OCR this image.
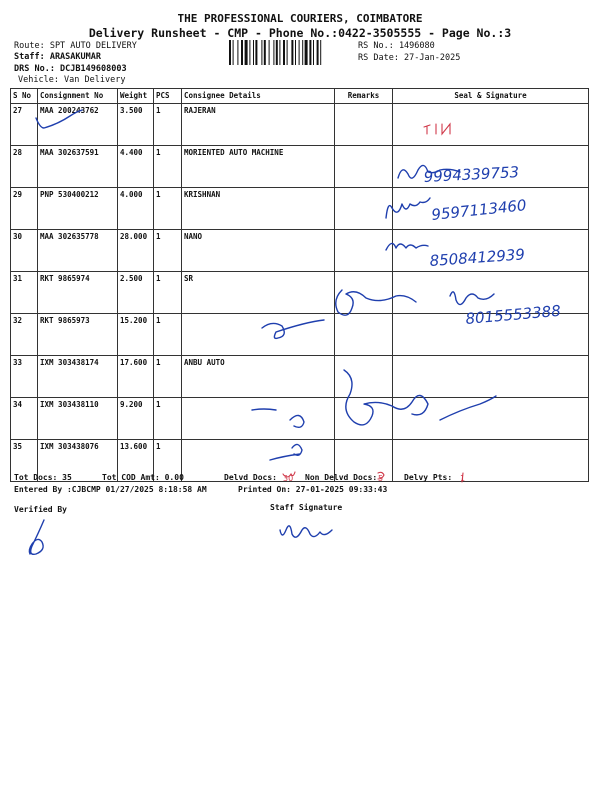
THE PROFESSIONAL COURIERS, COIMBATORE
Delivery Runsheet - CMP - Phone No.:0422-3505555 - Page No.:3
Route: SPT AUTO DELIVERY
Staff: ARASAKUMAR
DRS No.: DCJB149608003
Vehicle: Van Delivery
RS No.: 1496080
RS Date: 27-Jan-2025
S No	Consignment No	Weight	PCS	Consignee Details	Remarks	Seal & Signature
27	MAA 200243762	3.500	1	RAJERAN		
28	MAA 302637591	4.400	1	MORIENTED AUTO MACHINE		
29	PNP 530400212	4.000	1	KRISHNAN		
30	MAA 302635778	28.000	1	NANO		
31	RKT 9865974	2.500	1	SR		
32	RKT 9865973	15.200	1			
33	IXM 303438174	17.600	1	ANBU AUTO		
34	IXM 303438110	9.200	1			
35	IXM 303438076	13.600	1			
Tot Docs: 35	Tot COD Amt: 0.00	Delvd Docs:	Non Delvd Docs:	Delvy Pts:
Entered By :CJBCMP 01/27/2025 8:18:58 AM	Printed On: 27-01-2025 09:33:43
Verified By	Staff Signature
9994339753
9597113460
8508412939
8015553388
30	5	1
